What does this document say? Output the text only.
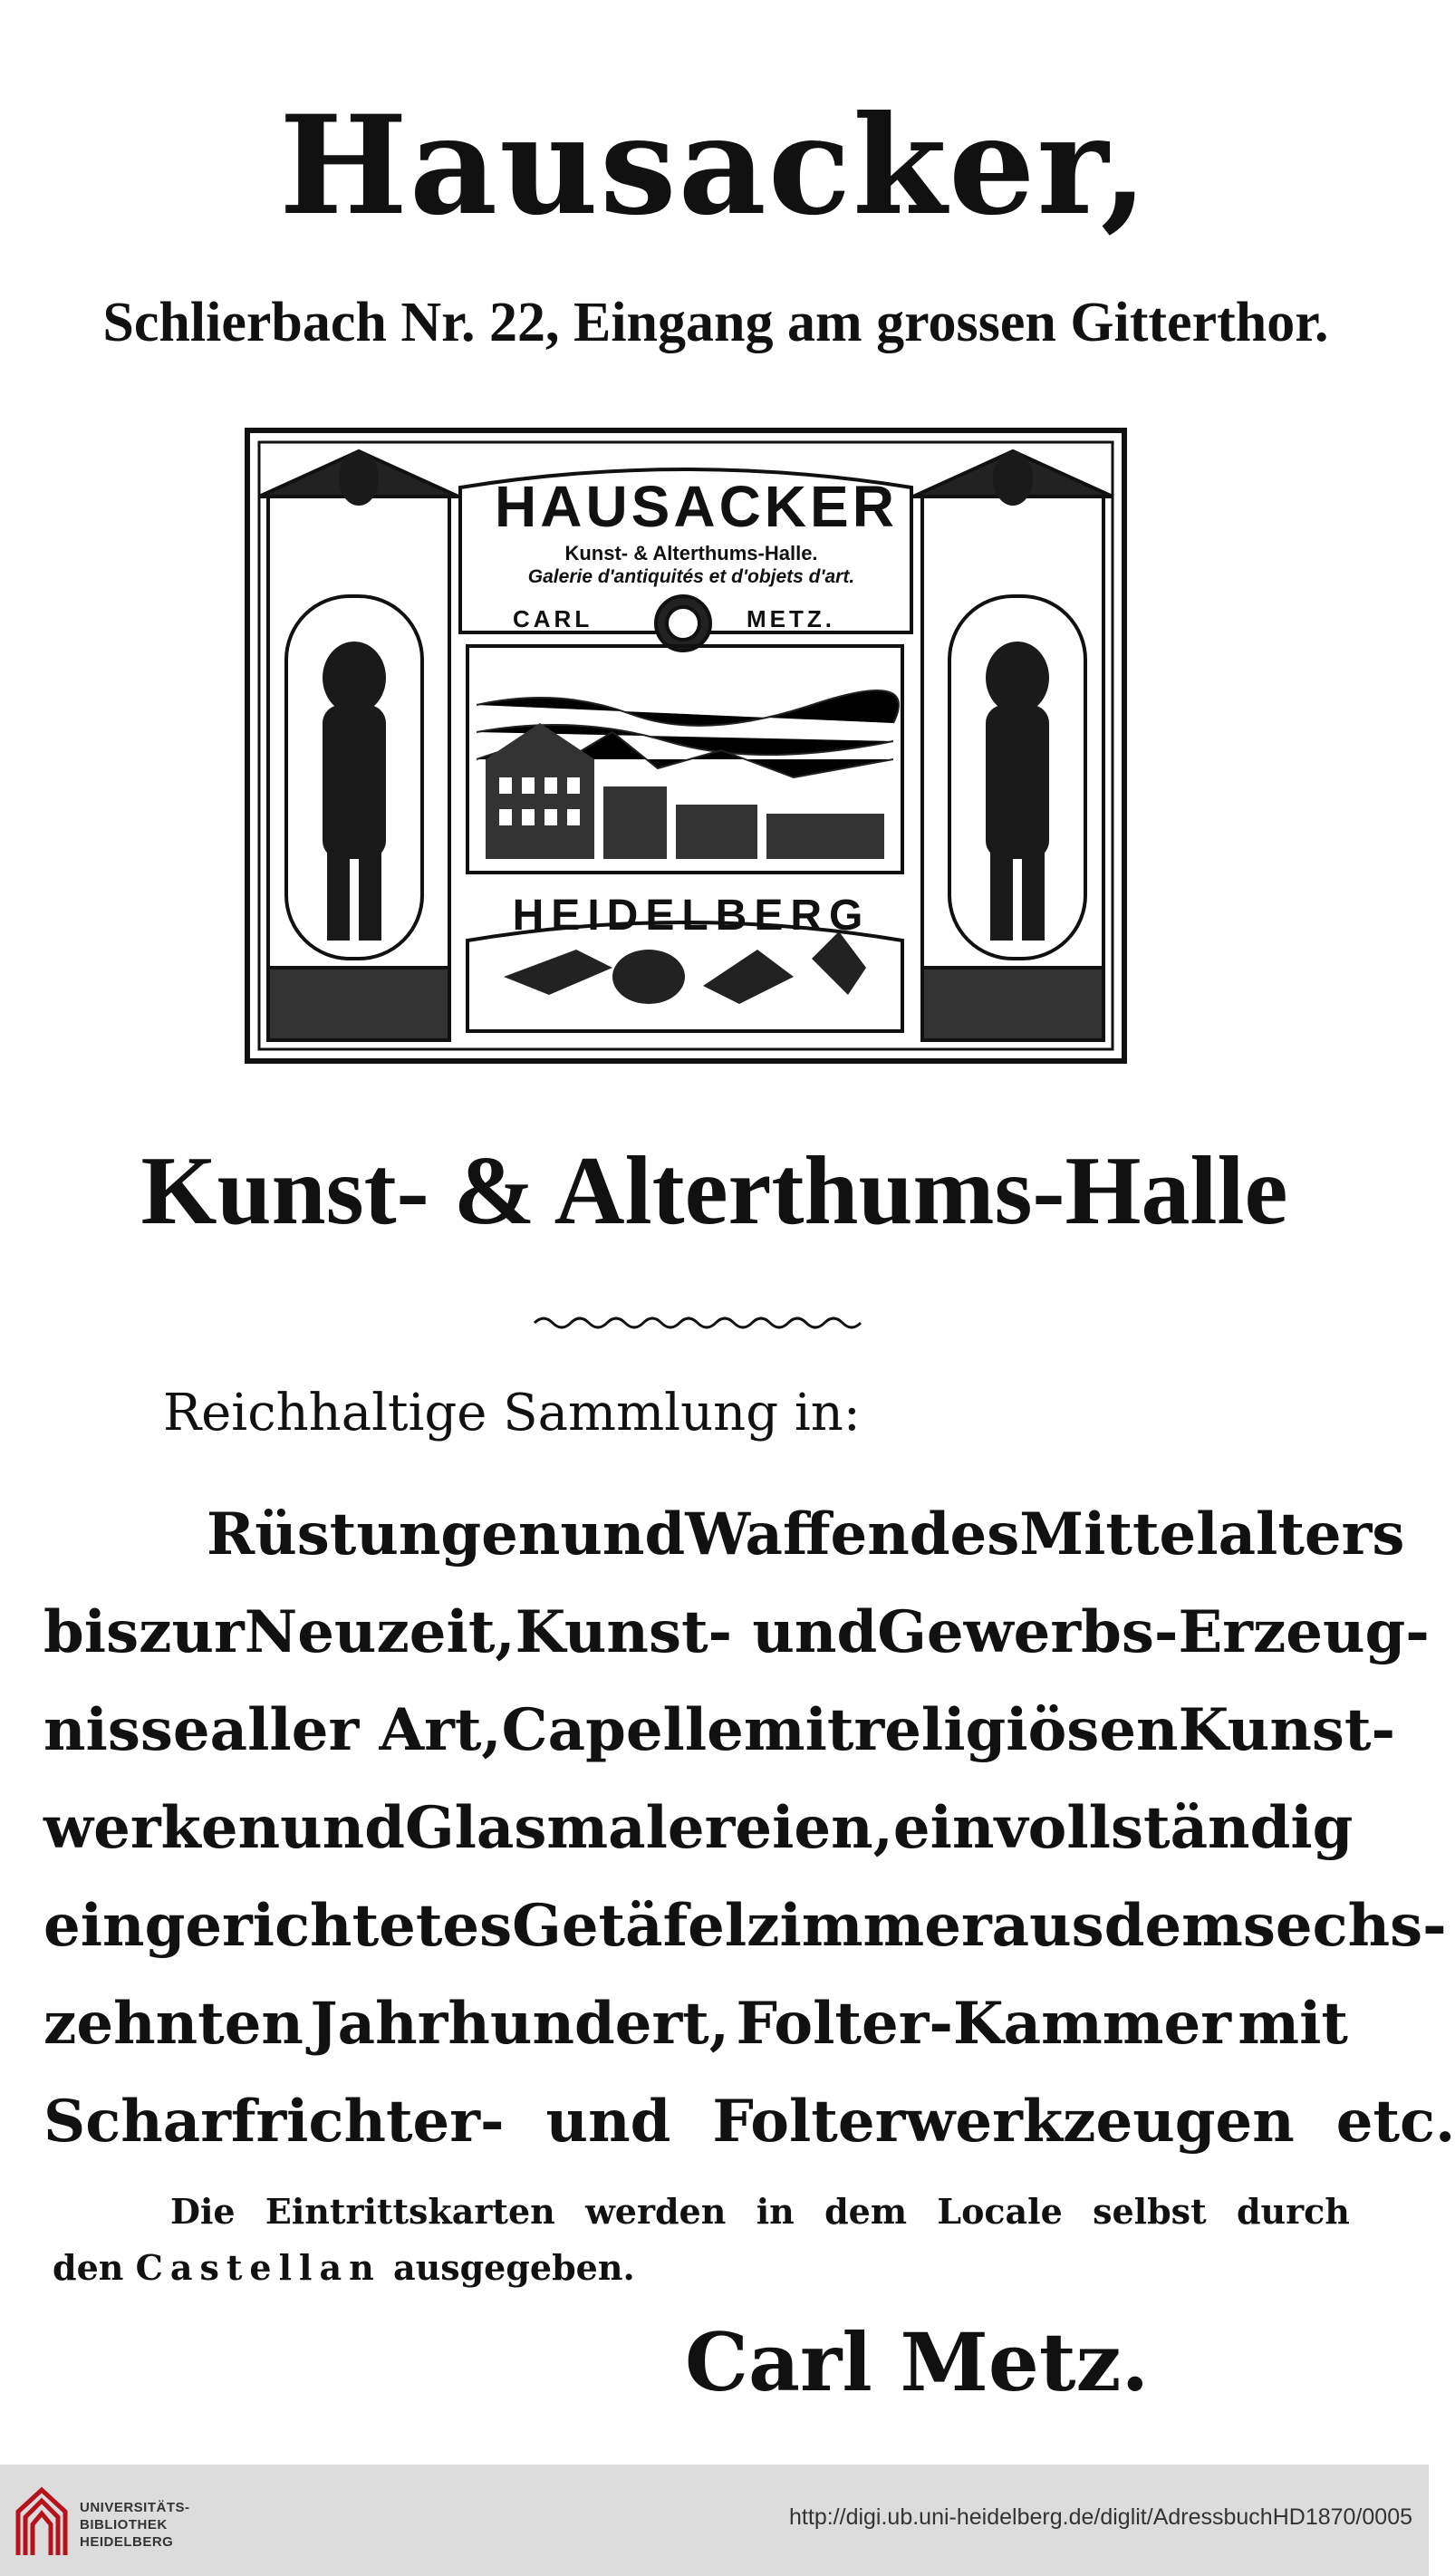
Hausacker,
Schlierbach Nr. 22, Eingang am grossen Gitterthor.
HAUSACKER
Kunst- & Alterthums-Halle.
Galerie d'antiquités et d'objets d'art.
CARL	METZ.
HEIDELBERG
Kunst- & Alterthums-Halle
Reichhaltige Sammlung in:
Rüstungen und Waffen des Mittelalters
bis zur Neuzeit, Kunst- und Gewerbs-Erzeug-
nisse aller Art, Capelle mit religiösen Kunst-
werken und Glasmalereien, ein vollständig
eingerichtetes Getäfelzimmer aus dem sechs-
zehnten Jahrhundert, Folter-Kammer mit
Scharfrichter- und Folterwerkzeugen etc.
Die Eintrittskarten werden in dem Locale selbst durch
den Castellan ausgegeben.
Carl Metz.
UNIVERSITÄTS-
BIBLIOTHEK
HEIDELBERG
http://digi.ub.uni-heidelberg.de/diglit/AdressbuchHD1870/0005
